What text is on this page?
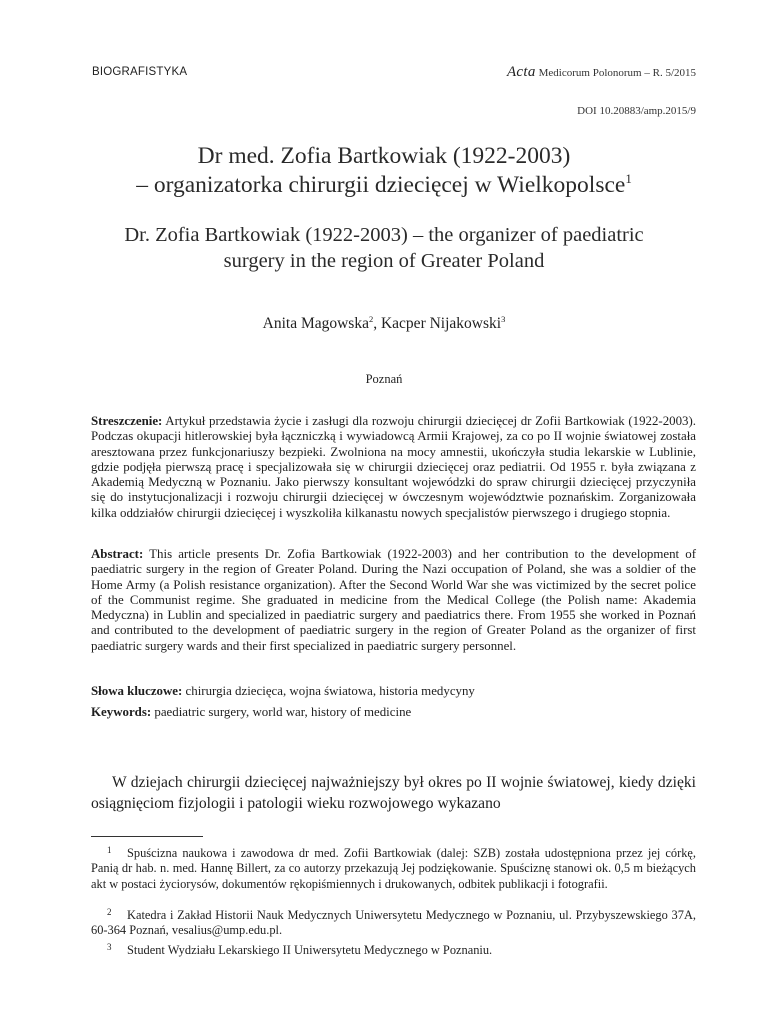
BIOGRAFISTYKA	Acta Medicorum Polonorum – R. 5/2015
DOI 10.20883/amp.2015/9
Dr med. Zofia Bartkowiak (1922-2003)
– organizatorka chirurgii dziecięcej w Wielkopolsce$^1$
Dr. Zofia Bartkowiak (1922-2003) – the organizer of paediatric
surgery in the region of Greater Poland
Anita Magowska$^2$, Kacper Nijakowski$^3$
Poznań
Streszczenie: Artykuł przedstawia życie i zasługi dla rozwoju chirurgii dziecięcej dr Zofii Bartkowiak (1922-2003). Podczas okupacji hitlerowskiej była łączniczką i wywiadowcą Armii Krajowej, za co po II wojnie światowej została aresztowana przez funkcjonariuszy bezpieki. Zwolniona na mocy amnestii, ukończyła studia lekarskie w Lublinie, gdzie podjęła pierwszą pracę i specjalizowała się w chirurgii dziecięcej oraz pediatrii. Od 1955 r. była związana z Akademią Medyczną w Poznaniu. Jako pierwszy konsultant wojewódzki do spraw chirurgii dziecięcej przyczyniła się do instytucjonalizacji i rozwoju chirurgii dziecięcej w ówczesnym województwie poznańskim. Zorganizowała kilka oddziałów chirurgii dziecięcej i wyszkoliła kilkanastu nowych specjalistów pierwszego i drugiego stopnia.
Abstract: This article presents Dr. Zofia Bartkowiak (1922-2003) and her contribution to the development of paediatric surgery in the region of Greater Poland. During the Nazi occupation of Poland, she was a soldier of the Home Army (a Polish resistance organization). After the Second World War she was victimized by the secret police of the Communist regime. She graduated in medicine from the Medical College (the Polish name: Akademia Medyczna) in Lublin and specialized in paediatric surgery and paediatrics there. From 1955 she worked in Poznań and contributed to the development of paediatric surgery in the region of Greater Poland as the organizer of first paediatric surgery wards and their first specialized in paediatric surgery personnel.
Słowa kluczowe: chirurgia dziecięca, wojna światowa, historia medycyny
Keywords: paediatric surgery, world war, history of medicine
W dziejach chirurgii dziecięcej najważniejszy był okres po II wojnie światowej, kiedy dzięki osiągnięciom fizjologii i patologii wieku rozwojowego wykazano
1	Spuścizna naukowa i zawodowa dr med. Zofii Bartkowiak (dalej: SZB) została udostępniona przez jej córkę, Panią dr hab. n. med. Hannę Billert, za co autorzy przekazują Jej podziękowanie. Spuściznę stanowi ok. 0,5 m bieżących akt w postaci życiorysów, dokumentów rękopiśmiennych i drukowanych, odbitek publikacji i fotografii.
2	Katedra i Zakład Historii Nauk Medycznych Uniwersytetu Medycznego w Poznaniu, ul. Przybyszewskiego 37A, 60-364 Poznań, vesalius@ump.edu.pl.
3	Student Wydziału Lekarskiego II Uniwersytetu Medycznego w Poznaniu.
